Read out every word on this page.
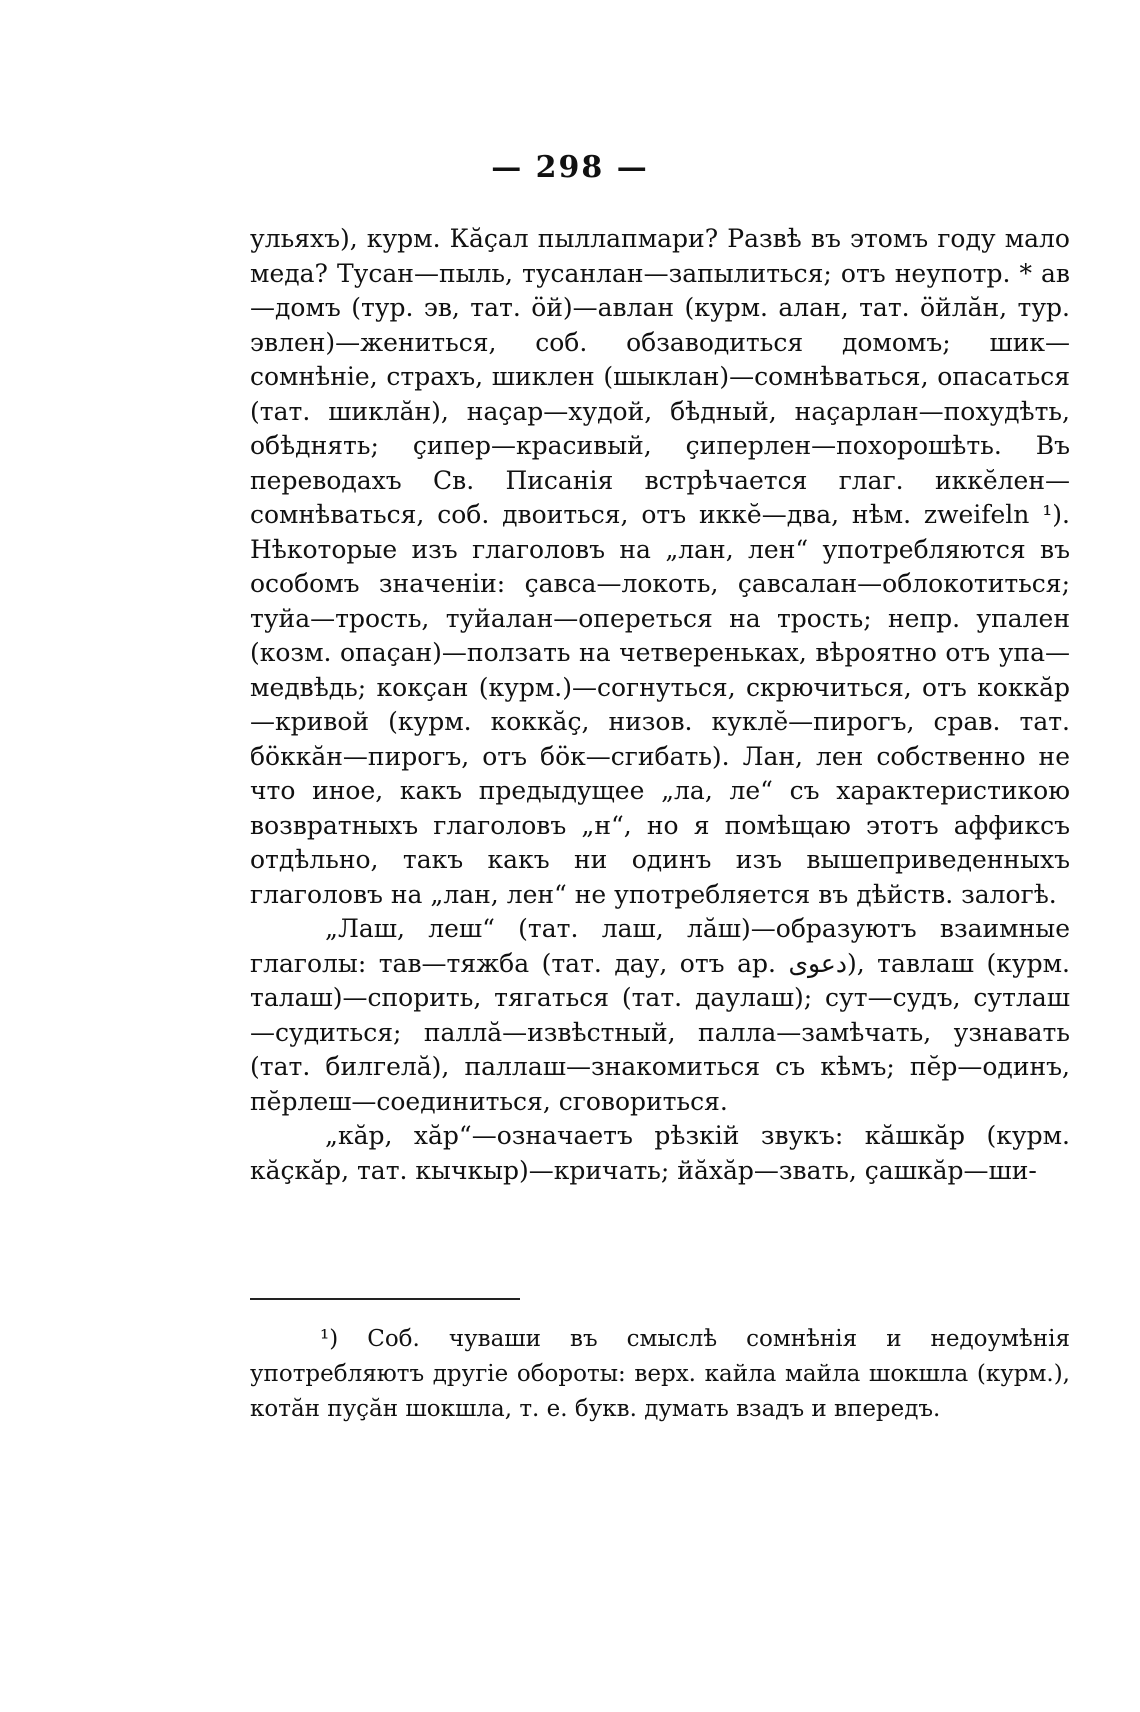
— 298 —

ульяхъ), курм. Кăçал пыллапмари? Развѣ въ этомъ году мало меда? Тусан—пыль, тусанлан—запылиться; отъ неупотр. * ав—домъ (тур. эв, тат. öй)—авлан (курм. алан, тат. öйлăн, тур. эвлен)—жениться, соб. обзаводиться домомъ; шик—сомнѣніе, страхъ, шиклен (шыклан)—сомнѣваться, опасаться (тат. шиклăн), наҫар—худой, бѣдный, наҫарлан—похудѣть, обѣднять; ҫипер—красивый, ҫиперлен—похорошѣть. Въ переводахъ Св. Писанія встрѣчается глаг. иккĕлен—сомнѣваться, соб. двоиться, отъ иккĕ—два, нѣм. zweifeln ¹). Нѣкоторые изъ глаголовъ на „лан, лен“ употребляются въ особомъ значеніи: ҫавса—локоть, ҫавсалан—облокотиться; туйа—трость, туйалан—опереться на трость; непр. упален (козм. опаҫан)—ползать на четвереньках, вѣроятно отъ упа—медвѣдь; кокҫан (курм.)—согнуться, скрючиться, отъ коккăр—кривой (курм. коккăҫ, низов. куклĕ—пирогъ, срав. тат. бöккăн—пирогъ, отъ бöк—сгибать). Лан, лен собственно не что иное, какъ предыдущее „ла, ле“ съ характеристикою возвратныхъ глаголовъ „н“, но я помѣщаю этотъ аффиксъ отдѣльно, такъ какъ ни одинъ изъ вышеприведенныхъ глаголовъ на „лан, лен“ не употребляется въ дѣйств. залогѣ.

„Лаш, леш“ (тат. лаш, лăш)—образуютъ взаимные глаголы: тав—тяжба (тат. дау, отъ ар. دعوى), тавлаш (курм. талаш)—спорить, тягаться (тат. даулаш); сут—судъ, сутлаш—судиться; паллă—извѣстный, палла—замѣчать, узнавать (тат. билгелă), паллаш—знакомиться съ кѣмъ; пĕр—одинъ, пĕрлеш—соединиться, сговориться.

„кăр, хăр“—означаетъ рѣзкій звукъ: кăшкăр (курм. кăҫкăр, тат. кычкыр)—кричать; йăхăр—звать, ҫашкăр—ши-

¹) Соб. чуваши въ смыслѣ сомнѣнія и недоумѣнія употребляютъ другіе обороты: верх. кайла майла шокшла (курм.), котăн пуçăн шокшла, т. е. букв. думать взадъ и впередъ.
